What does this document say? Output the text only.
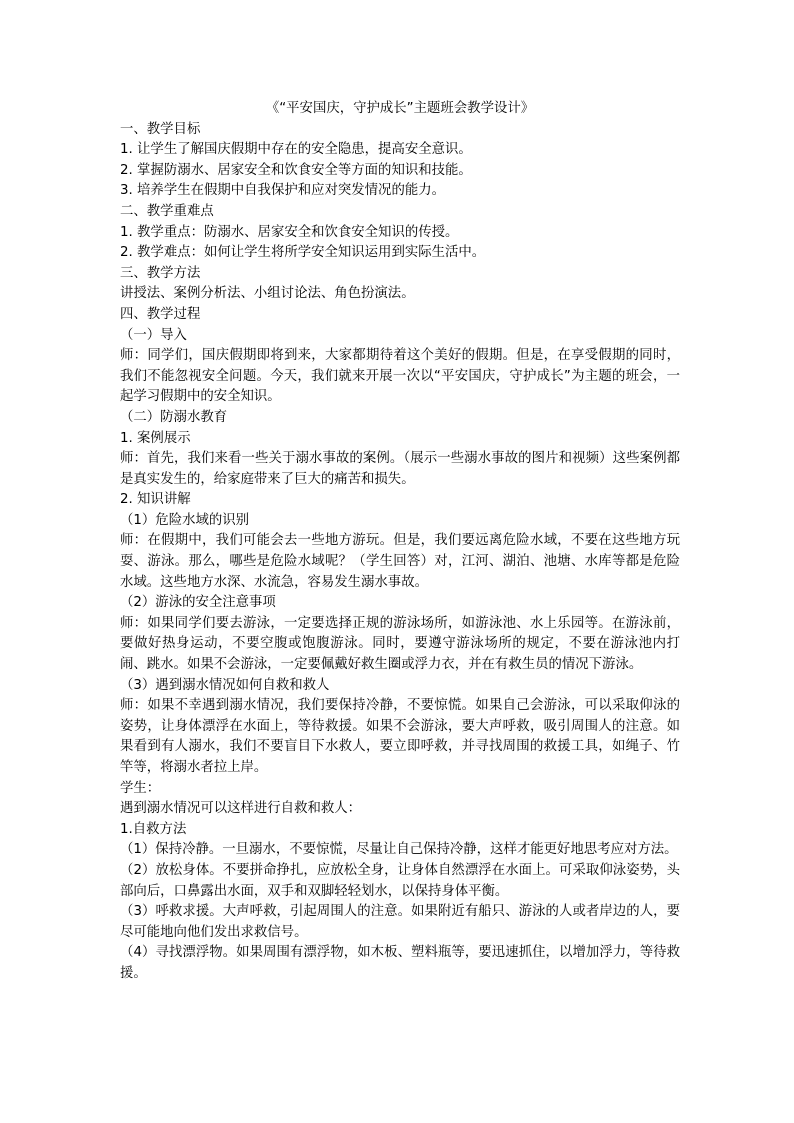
《“平安国庆，守护成长”主题班会教学设计》

一、教学目标

1. 让学生了解国庆假期中存在的安全隐患，提高安全意识。

2. 掌握防溺水、居家安全和饮食安全等方面的知识和技能。

3. 培养学生在假期中自我保护和应对突发情况的能力。

二、教学重难点

1. 教学重点：防溺水、居家安全和饮食安全知识的传授。

2. 教学难点：如何让学生将所学安全知识运用到实际生活中。

三、教学方法

讲授法、案例分析法、小组讨论法、角色扮演法。

四、教学过程

（一）导入

师：同学们，国庆假期即将到来，大家都期待着这个美好的假期。但是，在享受假期的同时，我们不能忽视安全问题。今天，我们就来开展一次以“平安国庆，守护成长”为主题的班会，一起学习假期中的安全知识。

（二）防溺水教育

1. 案例展示

师：首先，我们来看一些关于溺水事故的案例。（展示一些溺水事故的图片和视频）这些案例都是真实发生的，给家庭带来了巨大的痛苦和损失。

2. 知识讲解

（1）危险水域的识别

师：在假期中，我们可能会去一些地方游玩。但是，我们要远离危险水域，不要在这些地方玩耍、游泳。那么，哪些是危险水域呢？（学生回答）对，江河、湖泊、池塘、水库等都是危险水域。这些地方水深、水流急，容易发生溺水事故。

（2）游泳的安全注意事项

师：如果同学们要去游泳，一定要选择正规的游泳场所，如游泳池、水上乐园等。在游泳前，要做好热身运动，不要空腹或饱腹游泳。同时，要遵守游泳场所的规定，不要在游泳池内打闹、跳水。如果不会游泳，一定要佩戴好救生圈或浮力衣，并在有救生员的情况下游泳。

（3）遇到溺水情况如何自救和救人

师：如果不幸遇到溺水情况，我们要保持冷静，不要惊慌。如果自己会游泳，可以采取仰泳的姿势，让身体漂浮在水面上，等待救援。如果不会游泳，要大声呼救，吸引周围人的注意。如果看到有人溺水，我们不要盲目下水救人，要立即呼救，并寻找周围的救援工具，如绳子、竹竿等，将溺水者拉上岸。

学生：

遇到溺水情况可以这样进行自救和救人：

1.自救方法

（1）保持冷静。一旦溺水，不要惊慌，尽量让自己保持冷静，这样才能更好地思考应对方法。

（2）放松身体。不要拼命挣扎，应放松全身，让身体自然漂浮在水面上。可采取仰泳姿势，头部向后，口鼻露出水面，双手和双脚轻轻划水，以保持身体平衡。

（3）呼救求援。大声呼救，引起周围人的注意。如果附近有船只、游泳的人或者岸边的人，要尽可能地向他们发出求救信号。

（4）寻找漂浮物。如果周围有漂浮物，如木板、塑料瓶等，要迅速抓住，以增加浮力，等待救援。
